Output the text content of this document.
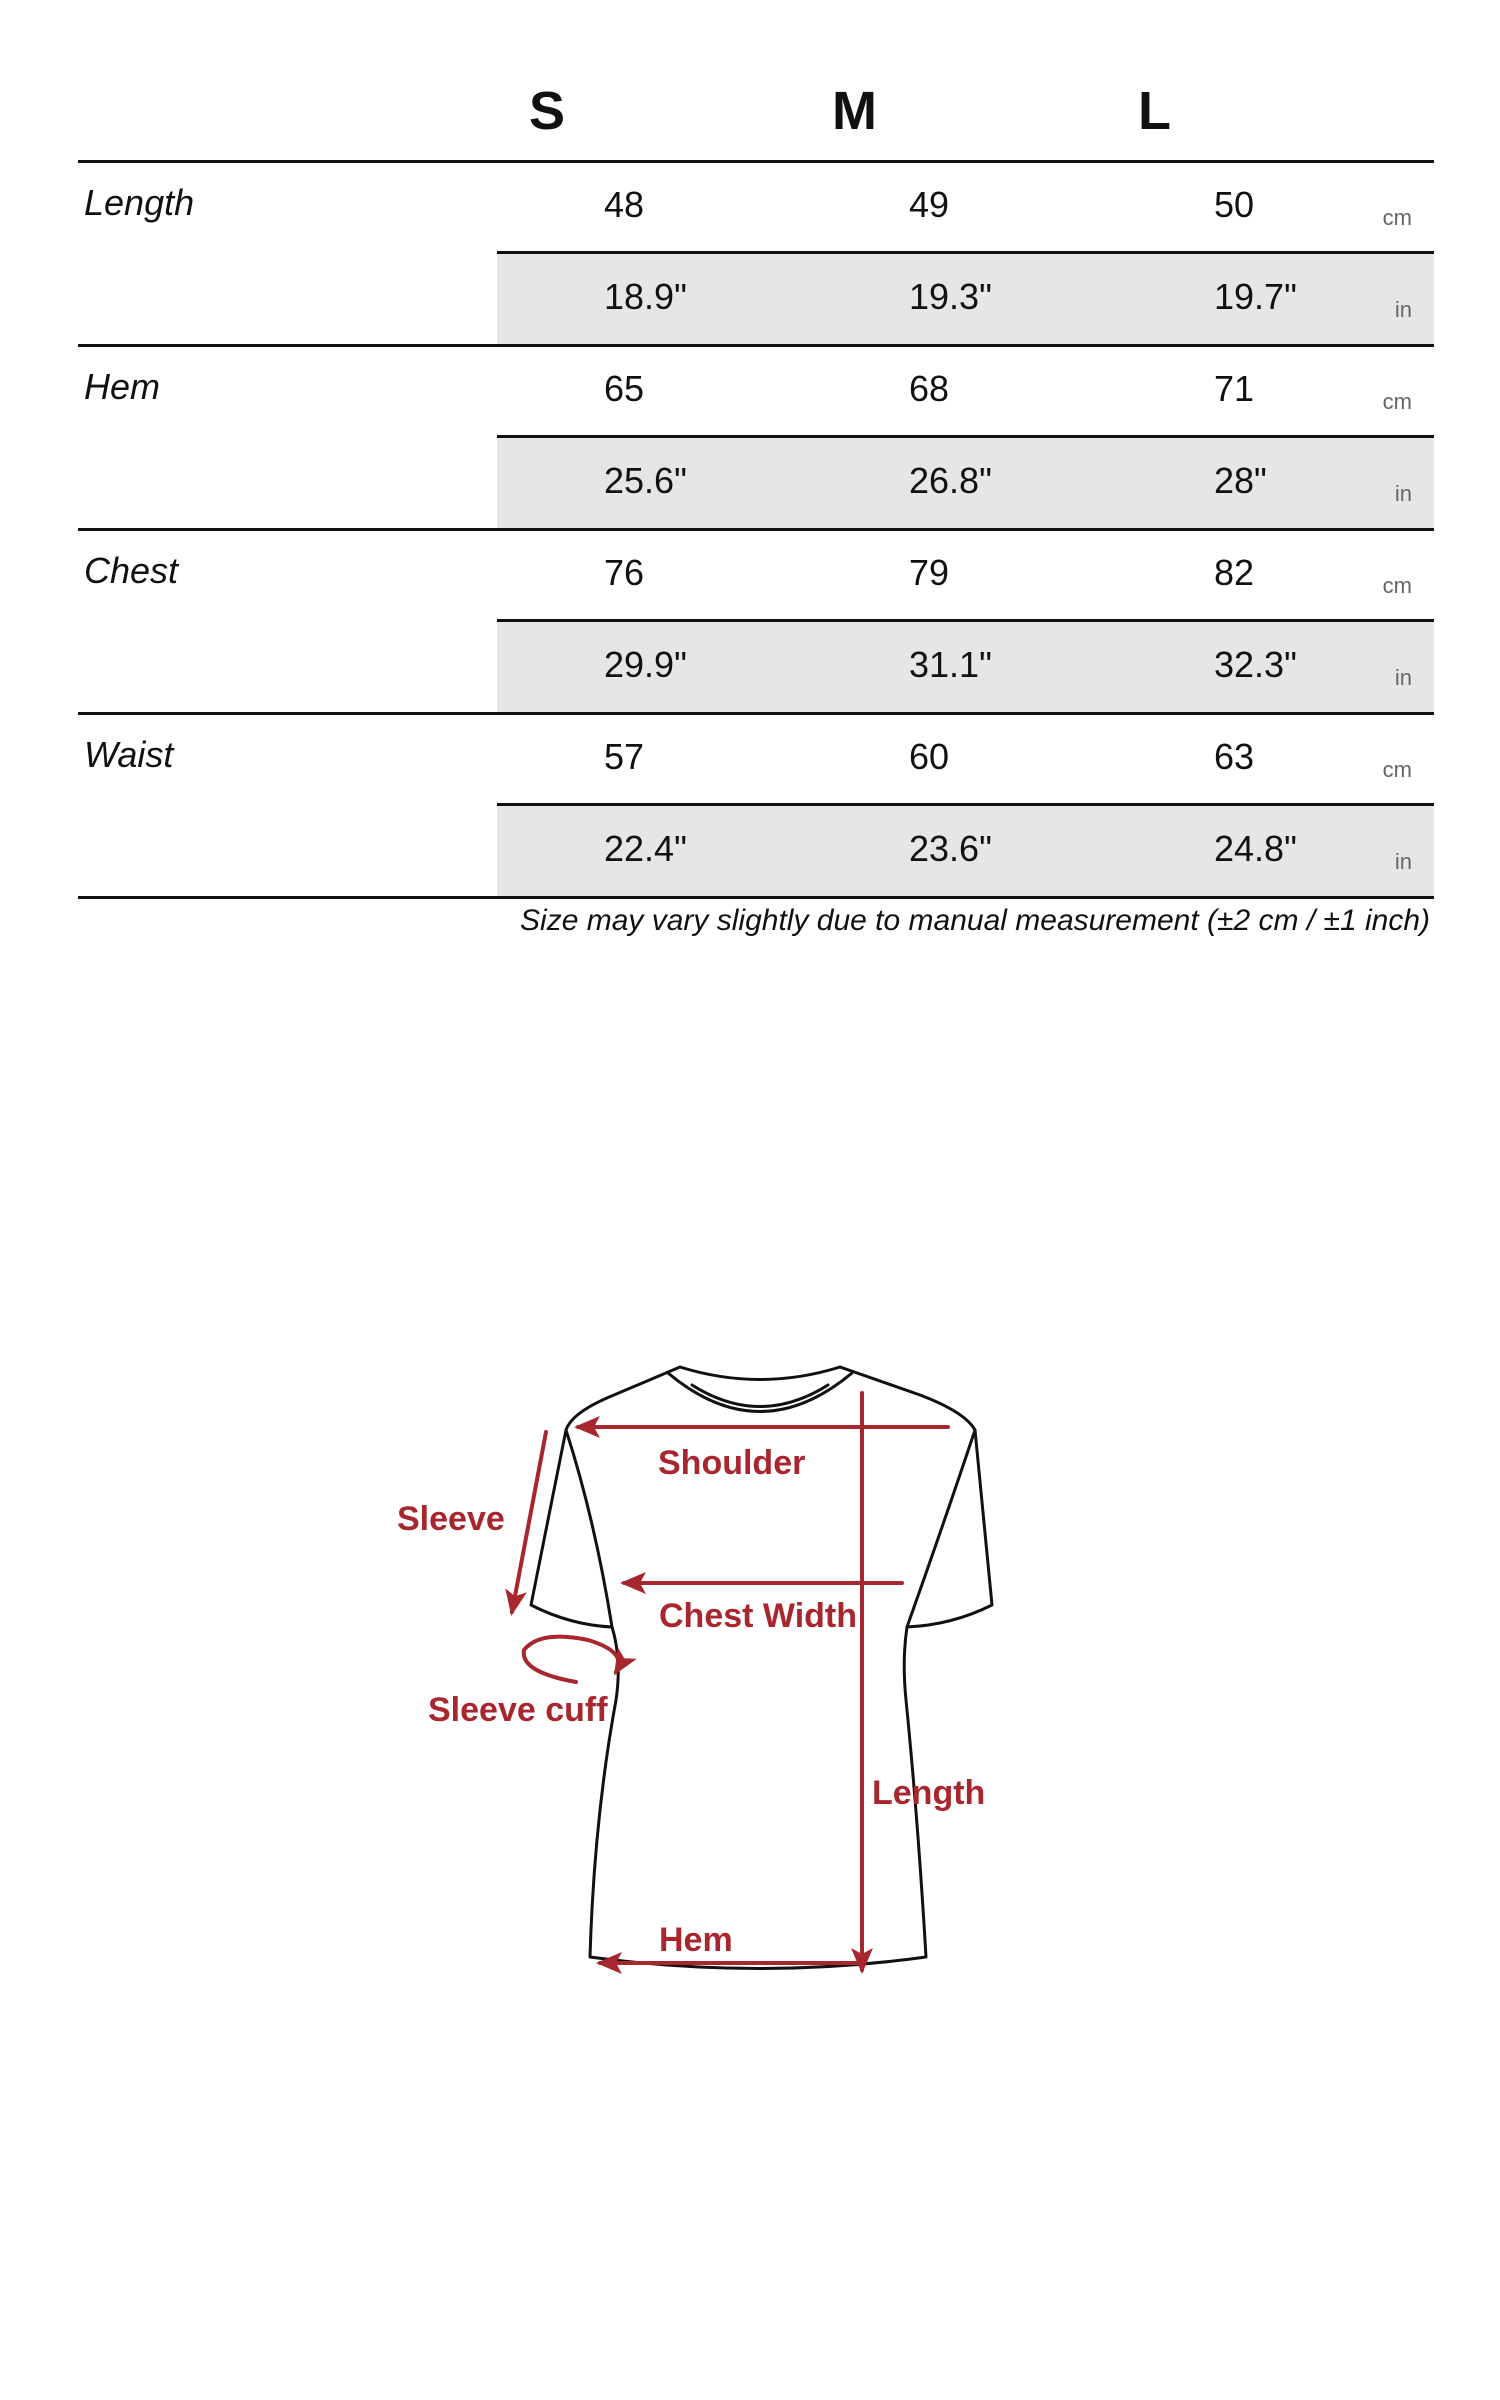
S	M	L
Length	48	49	50	cm
18.9"	19.3"	19.7"	in
Hem	65	68	71	cm
25.6"	26.8"	28"	in
Chest	76	79	82	cm
29.9"	31.1"	32.3"	in
Waist	57	60	63	cm
22.4"	23.6"	24.8"	in
Size may vary slightly due to manual measurement (±2 cm / ±1 inch)
Shoulder
Sleeve
Chest Width
Sleeve cuff
Length
Hem
